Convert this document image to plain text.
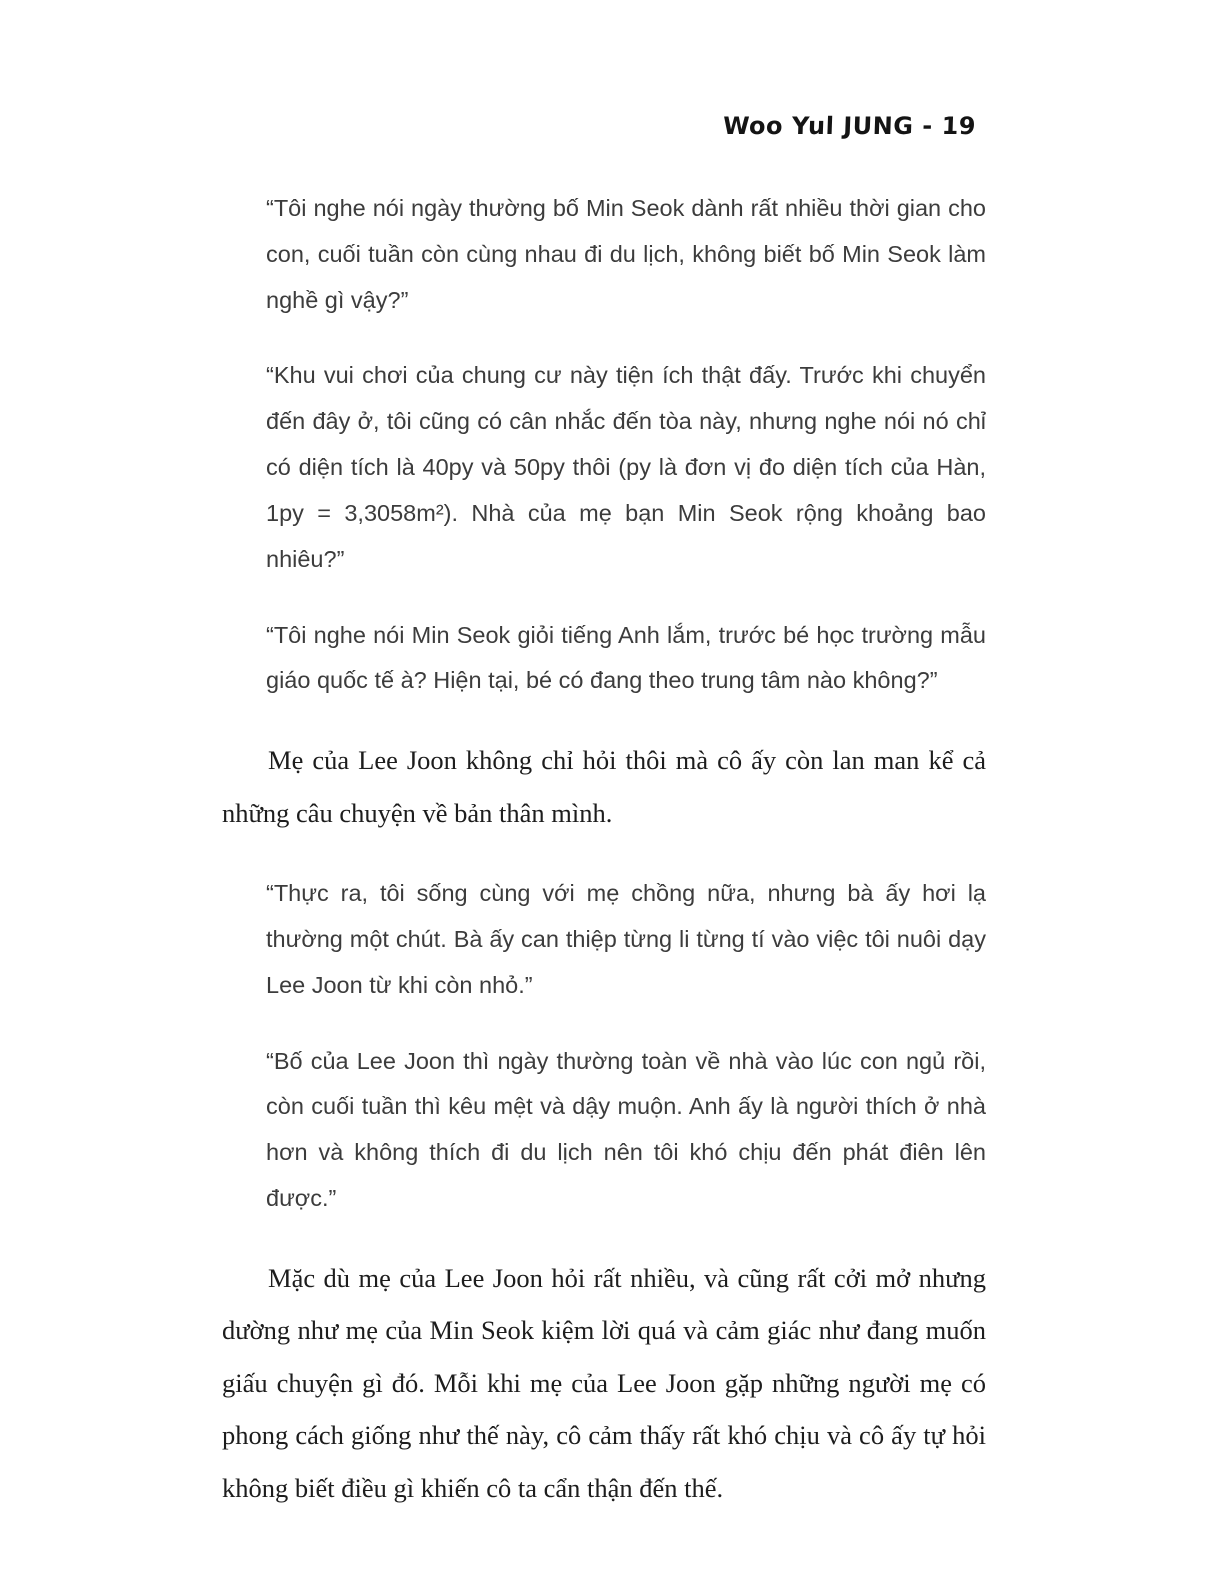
Woo Yul JUNG - 19

“Tôi nghe nói ngày thường bố Min Seok dành rất nhiều thời gian cho con, cuối tuần còn cùng nhau đi du lịch, không biết bố Min Seok làm nghề gì vậy?”

“Khu vui chơi của chung cư này tiện ích thật đấy. Trước khi chuyển đến đây ở, tôi cũng có cân nhắc đến tòa này, nhưng nghe nói nó chỉ có diện tích là 40py và 50py thôi (py là đơn vị đo diện tích của Hàn, 1py = 3,3058m²). Nhà của mẹ bạn Min Seok rộng khoảng bao nhiêu?”

“Tôi nghe nói Min Seok giỏi tiếng Anh lắm, trước bé học trường mẫu giáo quốc tế à? Hiện tại, bé có đang theo trung tâm nào không?”

Mẹ của Lee Joon không chỉ hỏi thôi mà cô ấy còn lan man kể cả những câu chuyện về bản thân mình.

“Thực ra, tôi sống cùng với mẹ chồng nữa, nhưng bà ấy hơi lạ thường một chút. Bà ấy can thiệp từng li từng tí vào việc tôi nuôi dạy Lee Joon từ khi còn nhỏ.”

“Bố của Lee Joon thì ngày thường toàn về nhà vào lúc con ngủ rồi, còn cuối tuần thì kêu mệt và dậy muộn. Anh ấy là người thích ở nhà hơn và không thích đi du lịch nên tôi khó chịu đến phát điên lên được.”

Mặc dù mẹ của Lee Joon hỏi rất nhiều, và cũng rất cởi mở nhưng dường như mẹ của Min Seok kiệm lời quá và cảm giác như đang muốn giấu chuyện gì đó. Mỗi khi mẹ của Lee Joon gặp những người mẹ có phong cách giống như thế này, cô cảm thấy rất khó chịu và cô ấy tự hỏi không biết điều gì khiến cô ta cẩn thận đến thế.
